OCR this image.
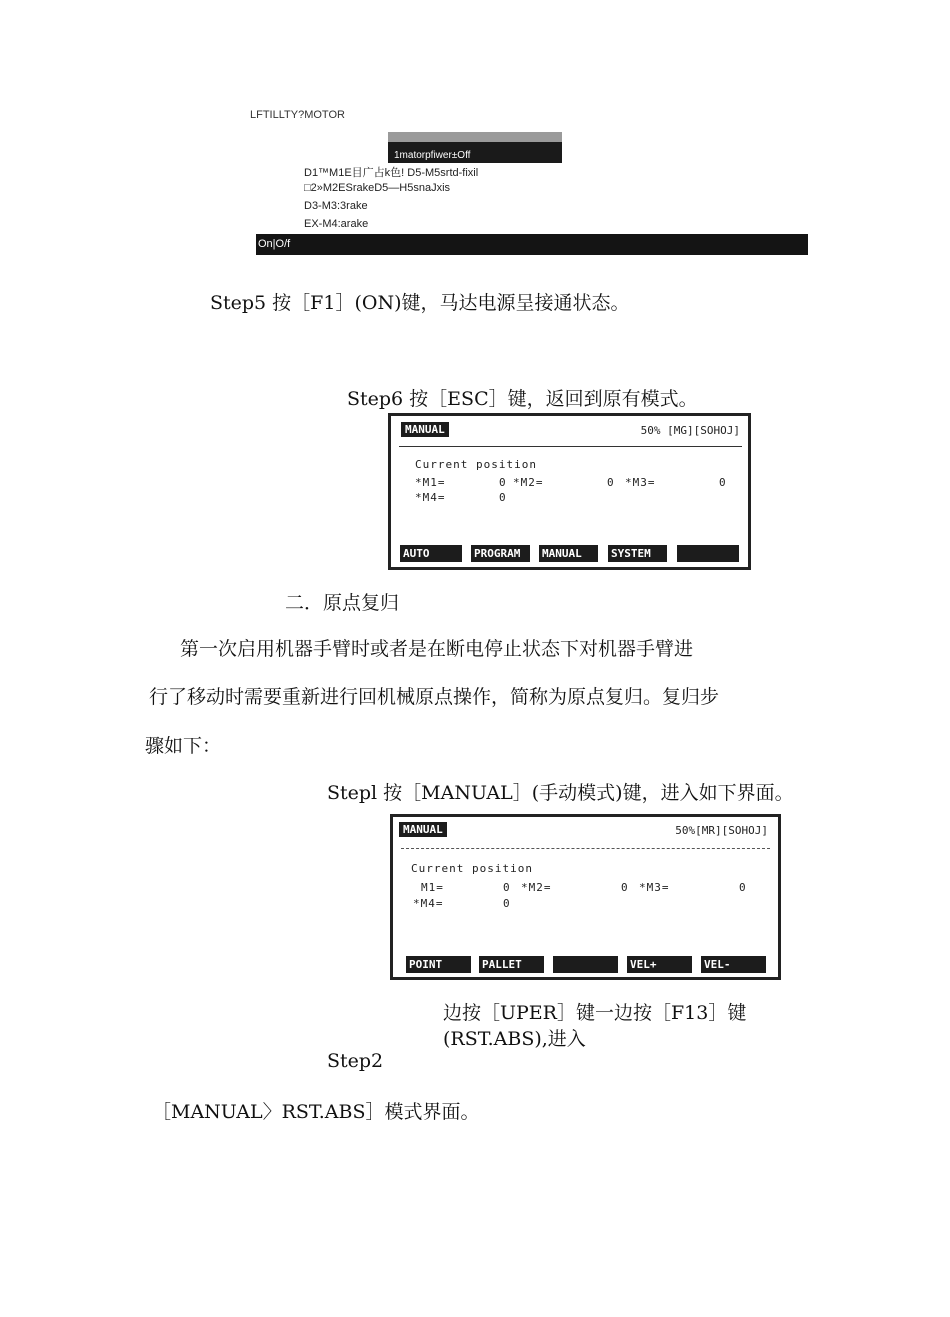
LFTILLTY?MOTOR
1matorpfiwer±Off
D1™M1E目广占k色! D5-M5srtd-fixil
□2»M2ESrakeD5—H5snaJxis
D3-M3:3rake
EX-M4:arake
On|O/f
Step5 按［F1］(ON)键，马达电源呈接通状态。
Step6 按［ESC］键，返回到原有模式。
MANUAL	50% [MG][SOHOJ]
Current position
*M1=	0 *M2=	0 *M3=	0
*M4=	0
AUTO	PROGRAM	MANUAL	SYSTEM
二．原点复归
第一次启用机器手臂时或者是在断电停止状态下对机器手臂进
行了移动时需要重新进行回机械原点操作，简称为原点复归。复归步
骤如下：
Stepl 按［MANUAL］(手动模式)键，进入如下界面。
MANUAL	50%[MR][SOHOJ]
Current position
M1=	0 *M2=	0 *M3=	0
*M4=	0
POINT	PALLET	VEL+	VEL-
边按［UPER］键一边按［F13］键
(RST.ABS),进入
Step2
［MANUAL〉RST.ABS］模式界面。
